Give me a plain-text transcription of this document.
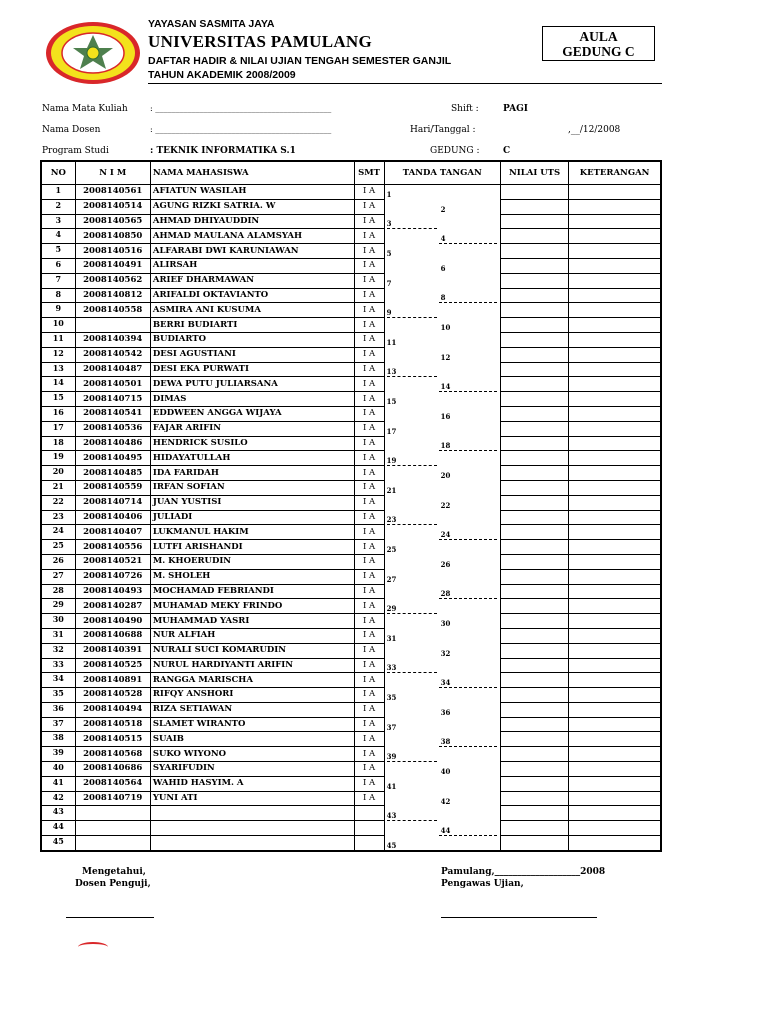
YAYASAN SASMITA JAYA
UNIVERSITAS PAMULANG
DAFTAR HADIR & NILAI UJIAN TENGAH SEMESTER GANJIL
TAHUN AKADEMIK 2008/2009
AULA
GEDUNG C
Nama Mata Kuliah	: ____________________________________________
Nama Dosen	: ____________________________________________
Program Studi	: TEKNIK INFORMATIKA S.1
Shift :	PAGI
Hari/Tanggal :	,__/12/2008
GEDUNG :	C
NO	N I M	NAMA MAHASISWA	SMT	TANDA TANGAN	NILAI UTS	KETERANGAN
1	2008140561	AFIATUN WASILAH	I A	1		

2	2008140514	AGUNG RIZKI SATRIA. W	I A	2		

3	2008140565	AHMAD DHIYAUDDIN	I A	3		

4	2008140850	AHMAD MAULANA ALAMSYAH	I A	4		

5	2008140516	ALFARABI DWI KARUNIAWAN	I A	5		

6	2008140491	ALIRSAH	I A	6		

7	2008140562	ARIEF DHARMAWAN	I A	7		

8	2008140812	ARIFALDI OKTAVIANTO	I A	8		

9	2008140558	ASMIRA ANI KUSUMA	I A	9		

10		BERRI BUDIARTI	I A	10		

11	2008140394	BUDIARTO	I A	11		

12	2008140542	DESI AGUSTIANI	I A	12		

13	2008140487	DESI EKA PURWATI	I A	13		

14	2008140501	DEWA PUTU JULIARSANA	I A	14		

15	2008140715	DIMAS	I A	15		

16	2008140541	EDDWEEN ANGGA WIJAYA	I A	16		

17	2008140536	FAJAR ARIFIN	I A	17		

18	2008140486	HENDRICK SUSILO	I A	18		

19	2008140495	HIDAYATULLAH	I A	19		

20	2008140485	IDA FARIDAH	I A	20		

21	2008140559	IRFAN SOFIAN	I A	21		

22	2008140714	JUAN YUSTISI	I A	22		

23	2008140406	JULIADI	I A	23		

24	2008140407	LUKMANUL HAKIM	I A	24		

25	2008140556	LUTFI ARISHANDI	I A	25		

26	2008140521	M. KHOERUDIN	I A	26		

27	2008140726	M. SHOLEH	I A	27		

28	2008140493	MOCHAMAD FEBRIANDI	I A	28		

29	2008140287	MUHAMAD MEKY FRINDO	I A	29		

30	2008140490	MUHAMMAD YASRI	I A	30		

31	2008140688	NUR ALFIAH	I A	31		

32	2008140391	NURALI SUCI KOMARUDIN	I A	32		

33	2008140525	NURUL HARDIYANTI ARIFIN	I A	33		

34	2008140891	RANGGA MARISCHA	I A	34		

35	2008140528	RIFQY ANSHORI	I A	35		

36	2008140494	RIZA SETIAWAN	I A	36		

37	2008140518	SLAMET WIRANTO	I A	37		

38	2008140515	SUAIB	I A	38		

39	2008140568	SUKO WIYONO	I A	39		

40	2008140686	SYARIFUDIN	I A	40		

41	2008140564	WAHID HASYIM. A	I A	41		

42	2008140719	YUNI ATI	I A	42		

43				43		

44				44		

45				45		

Mengetahui,
Dosen Penguji,
Pamulang,___________________2008
Pengawas Ujian,
